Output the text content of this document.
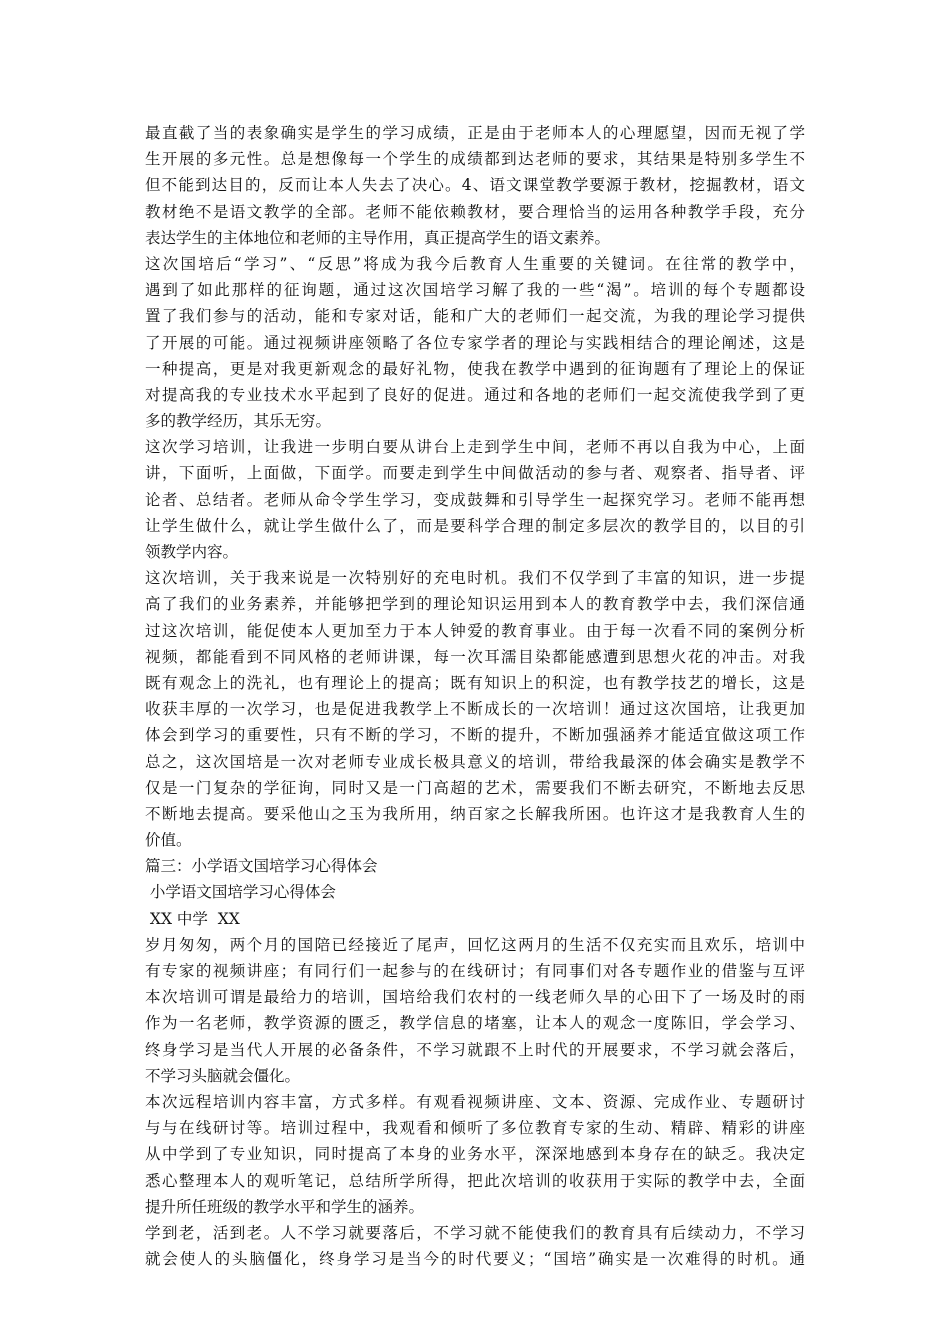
最直截了当的表象确实是学生的学习成绩，正是由于老师本人的心理愿望，因而无视了学
生开展的多元性。总是想像每一个学生的成绩都到达老师的要求，其结果是特别多学生不
但不能到达目的，反而让本人失去了决心。4、语文课堂教学要源于教材，挖掘教材，语文
教材绝不是语文教学的全部。老师不能依赖教材，要合理恰当的运用各种教学手段，充分
表达学生的主体地位和老师的主导作用，真正提高学生的语文素养。
这次国培后“学习”、“反思”将成为我今后教育人生重要的关键词。在往常的教学中，
遇到了如此那样的征询题，通过这次国培学习解了我的一些“渴”。培训的每个专题都设
置了我们参与的活动，能和专家对话，能和广大的老师们一起交流，为我的理论学习提供
了开展的可能。通过视频讲座领略了各位专家学者的理论与实践相结合的理论阐述，这是
一种提高，更是对我更新观念的最好礼物，使我在教学中遇到的征询题有了理论上的保证
对提高我的专业技术水平起到了良好的促进。通过和各地的老师们一起交流使我学到了更
多的教学经历，其乐无穷。
这次学习培训，让我进一步明白要从讲台上走到学生中间，老师不再以自我为中心，上面
讲，下面听，上面做，下面学。而要走到学生中间做活动的参与者、观察者、指导者、评
论者、总结者。老师从命令学生学习，变成鼓舞和引导学生一起探究学习。老师不能再想
让学生做什么，就让学生做什么了，而是要科学合理的制定多层次的教学目的，以目的引
领教学内容。
这次培训，关于我来说是一次特别好的充电时机。我们不仅学到了丰富的知识，进一步提
高了我们的业务素养，并能够把学到的理论知识运用到本人的教育教学中去，我们深信通
过这次培训，能促使本人更加至力于本人钟爱的教育事业。由于每一次看不同的案例分析
视频，都能看到不同风格的老师讲课，每一次耳濡目染都能感遭到思想火花的冲击。对我
既有观念上的洗礼，也有理论上的提高；既有知识上的积淀，也有教学技艺的增长，这是
收获丰厚的一次学习，也是促进我教学上不断成长的一次培训！通过这次国培，让我更加
体会到学习的重要性，只有不断的学习，不断的提升，不断加强涵养才能适宜做这项工作
总之，这次国培是一次对老师专业成长极具意义的培训，带给我最深的体会确实是教学不
仅是一门复杂的学征询，同时又是一门高超的艺术，需要我们不断去研究，不断地去反思
不断地去提高。要采他山之玉为我所用，纳百家之长解我所困。也许这才是我教育人生的
价值。
篇三：小学语文国培学习心得体会
小学语文国培学习心得体会
XX 中学  XX
岁月匆匆，两个月的国陪已经接近了尾声，回忆这两月的生活不仅充实而且欢乐，培训中
有专家的视频讲座；有同行们一起参与的在线研讨；有同事们对各专题作业的借鉴与互评
本次培训可谓是最给力的培训，国培给我们农村的一线老师久旱的心田下了一场及时的雨
作为一名老师，教学资源的匮乏，教学信息的堵塞，让本人的观念一度陈旧，学会学习、
终身学习是当代人开展的必备条件，不学习就跟不上时代的开展要求，不学习就会落后，
不学习头脑就会僵化。
本次远程培训内容丰富，方式多样。有观看视频讲座、文本、资源、完成作业、专题研讨
与与在线研讨等。培训过程中，我观看和倾听了多位教育专家的生动、精辟、精彩的讲座
从中学到了专业知识，同时提高了本身的业务水平，深深地感到本身存在的缺乏。我决定
悉心整理本人的观听笔记，总结所学所得，把此次培训的收获用于实际的教学中去，全面
提升所任班级的教学水平和学生的涵养。
学到老，活到老。人不学习就要落后，不学习就不能使我们的教育具有后续动力，不学习
就会使人的头脑僵化，终身学习是当今的时代要义；“国培”确实是一次难得的时机。通
